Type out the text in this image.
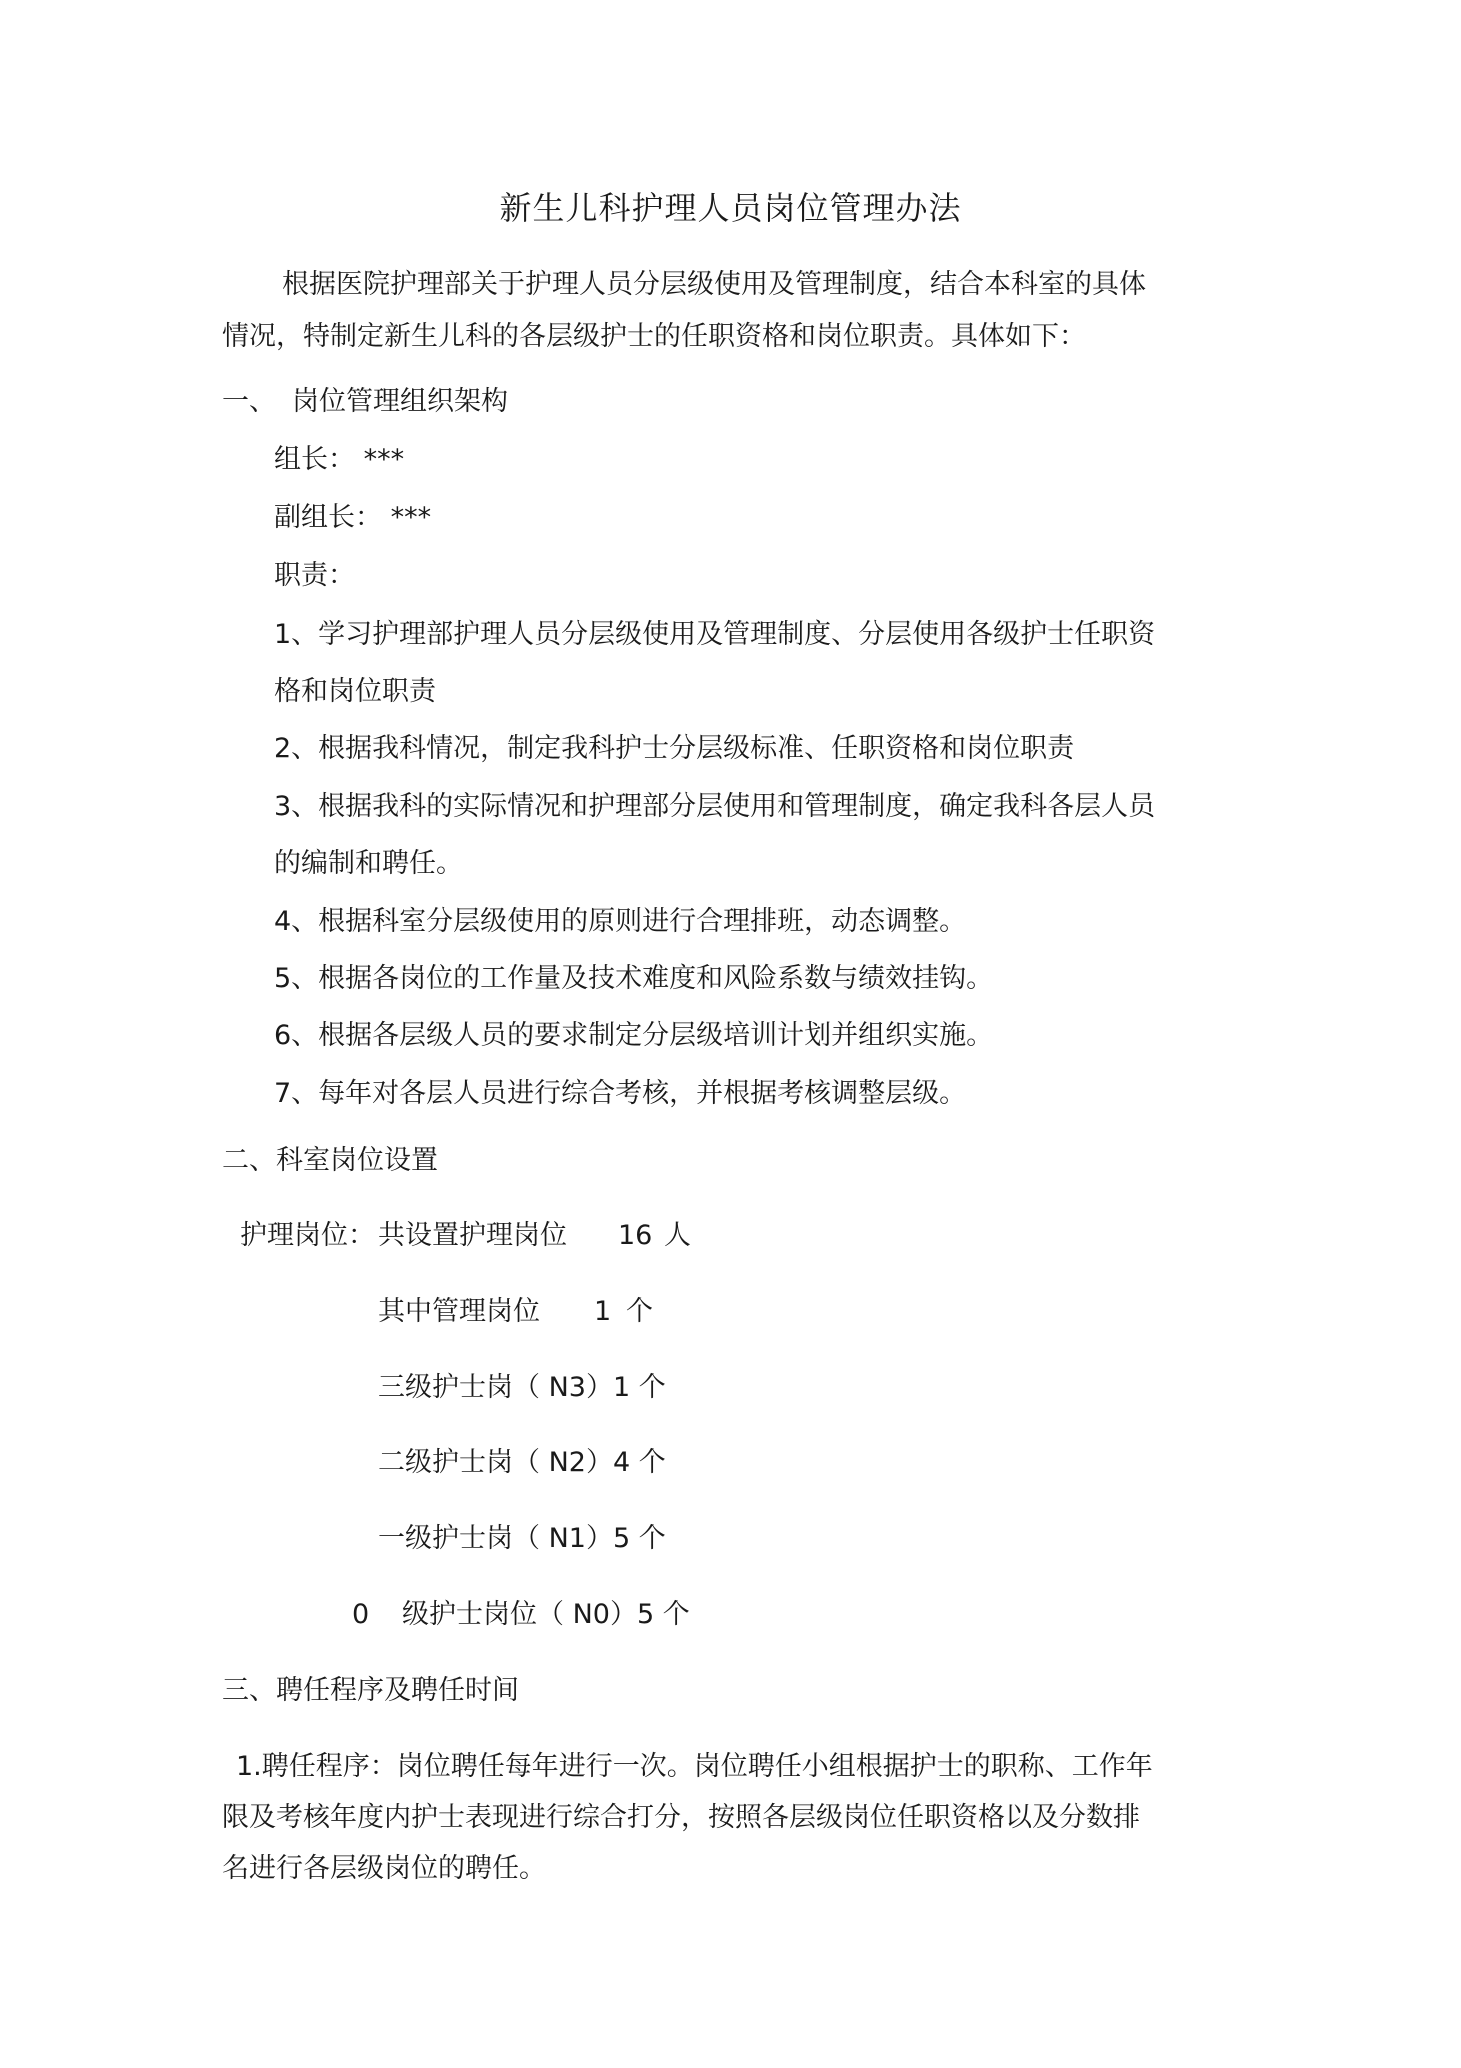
新生儿科护理人员岗位管理办法
根据医院护理部关于护理人员分层级使用及管理制度，结合本科室的具体
情况，特制定新生儿科的各层级护士的任职资格和岗位职责。具体如下：
一、 岗位管理组织架构
组长： ***
副组长： ***
职责：
1、学习护理部护理人员分层级使用及管理制度、分层使用各级护士任职资
格和岗位职责
2、根据我科情况，制定我科护士分层级标准、任职资格和岗位职责
3、根据我科的实际情况和护理部分层使用和管理制度，确定我科各层人员
的编制和聘任。
4、根据科室分层级使用的原则进行合理排班，动态调整。
5、根据各岗位的工作量及技术难度和风险系数与绩效挂钩。
6、根据各层级人员的要求制定分层级培训计划并组织实施。
7、每年对各层人员进行综合考核，并根据考核调整层级。
二、科室岗位设置
护理岗位： 共设置护理岗位 16 人
其中管理岗位 1 个
三级护士岗（ N3）1 个
二级护士岗（ N2）4 个
一级护士岗（ N1）5 个
0 级护士岗位（ N0）5 个
三、聘任程序及聘任时间
1.聘任程序：岗位聘任每年进行一次。岗位聘任小组根据护士的职称、工作年
限及考核年度内护士表现进行综合打分，按照各层级岗位任职资格以及分数排
名进行各层级岗位的聘任。
